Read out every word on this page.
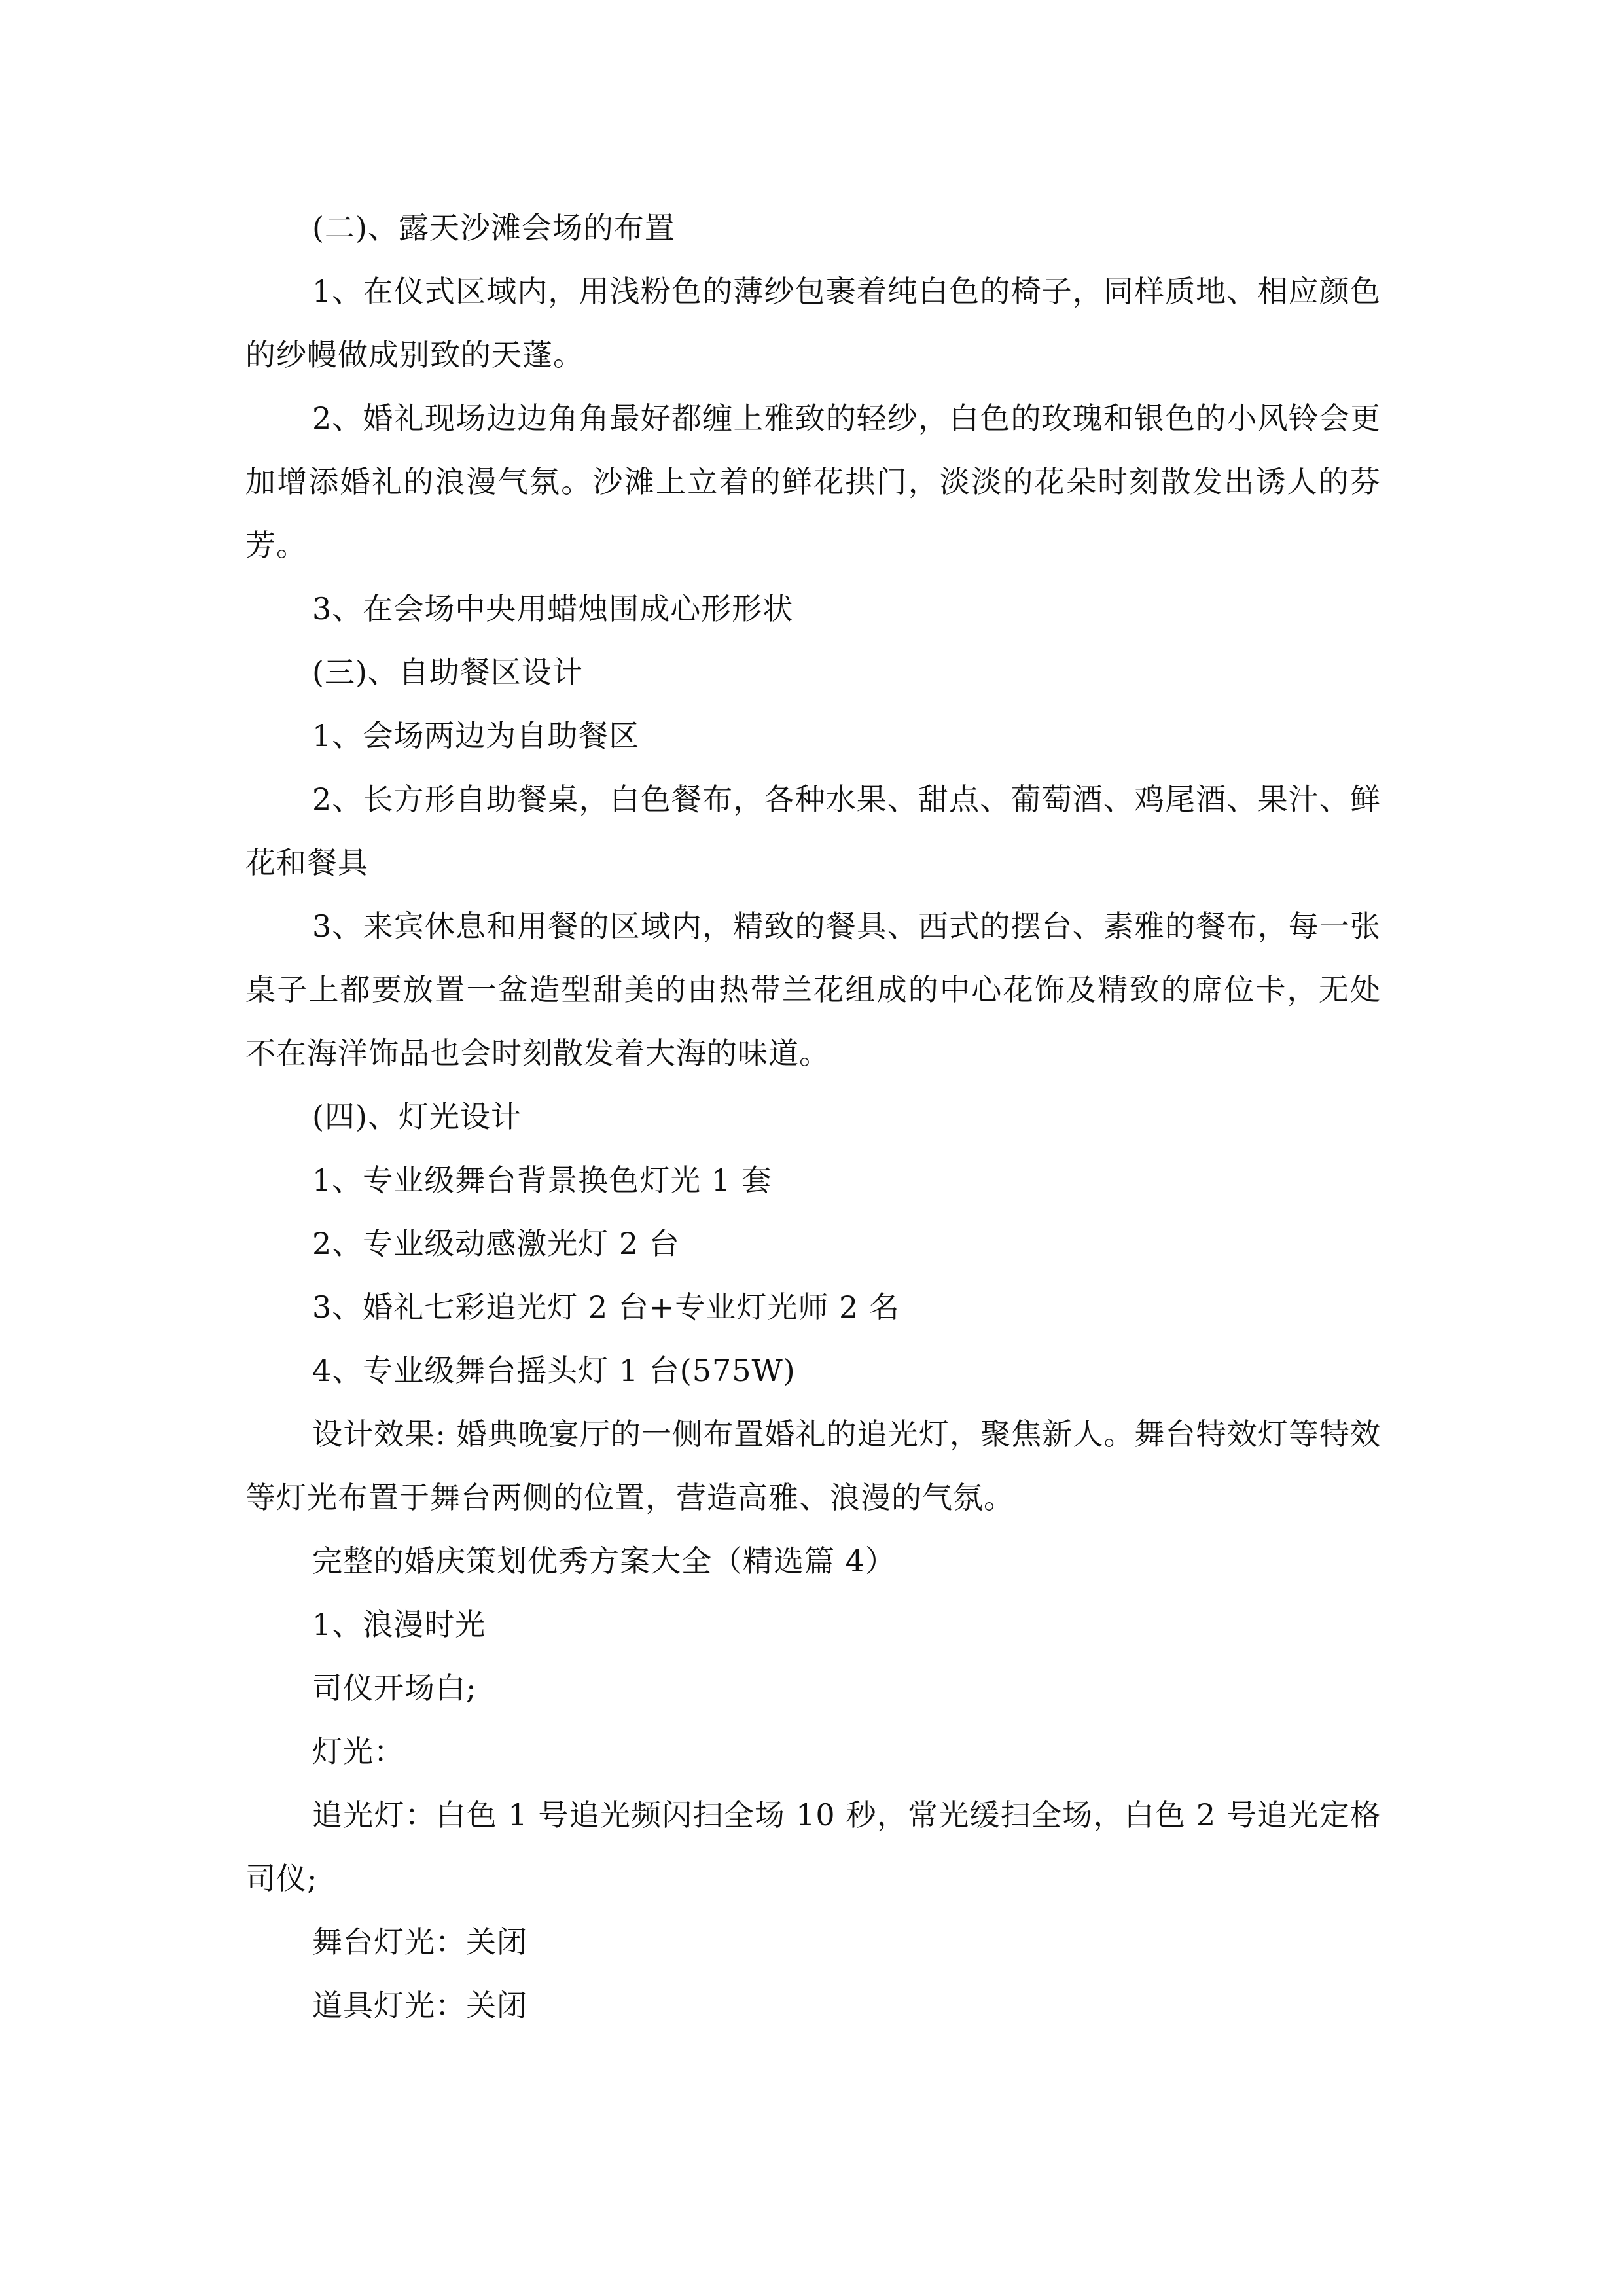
(二)、露天沙滩会场的布置

1、在仪式区域内，用浅粉色的薄纱包裹着纯白色的椅子，同样质地、相应颜色的纱幔做成别致的天蓬。

2、婚礼现场边边角角最好都缠上雅致的轻纱，白色的玫瑰和银色的小风铃会更加增添婚礼的浪漫气氛。沙滩上立着的鲜花拱门，淡淡的花朵时刻散发出诱人的芬芳。

3、在会场中央用蜡烛围成心形形状

(三)、自助餐区设计

1、会场两边为自助餐区

2、长方形自助餐桌，白色餐布，各种水果、甜点、葡萄酒、鸡尾酒、果汁、鲜花和餐具

3、来宾休息和用餐的区域内，精致的餐具、西式的摆台、素雅的餐布，每一张桌子上都要放置一盆造型甜美的由热带兰花组成的中心花饰及精致的席位卡，无处不在海洋饰品也会时刻散发着大海的味道。

(四)、灯光设计

1、专业级舞台背景换色灯光 1 套

2、专业级动感激光灯 2 台

3、婚礼七彩追光灯 2 台+专业灯光师 2 名

4、专业级舞台摇头灯 1 台(575W)

设计效果: 婚典晚宴厅的一侧布置婚礼的追光灯，聚焦新人。舞台特效灯等特效等灯光布置于舞台两侧的位置，营造高雅、浪漫的气氛。

完整的婚庆策划优秀方案大全（精选篇 4）

1、浪漫时光

司仪开场白;

灯光：

追光灯：白色 1 号追光频闪扫全场 10 秒，常光缓扫全场，白色 2 号追光定格司仪;

舞台灯光：关闭

道具灯光：关闭
